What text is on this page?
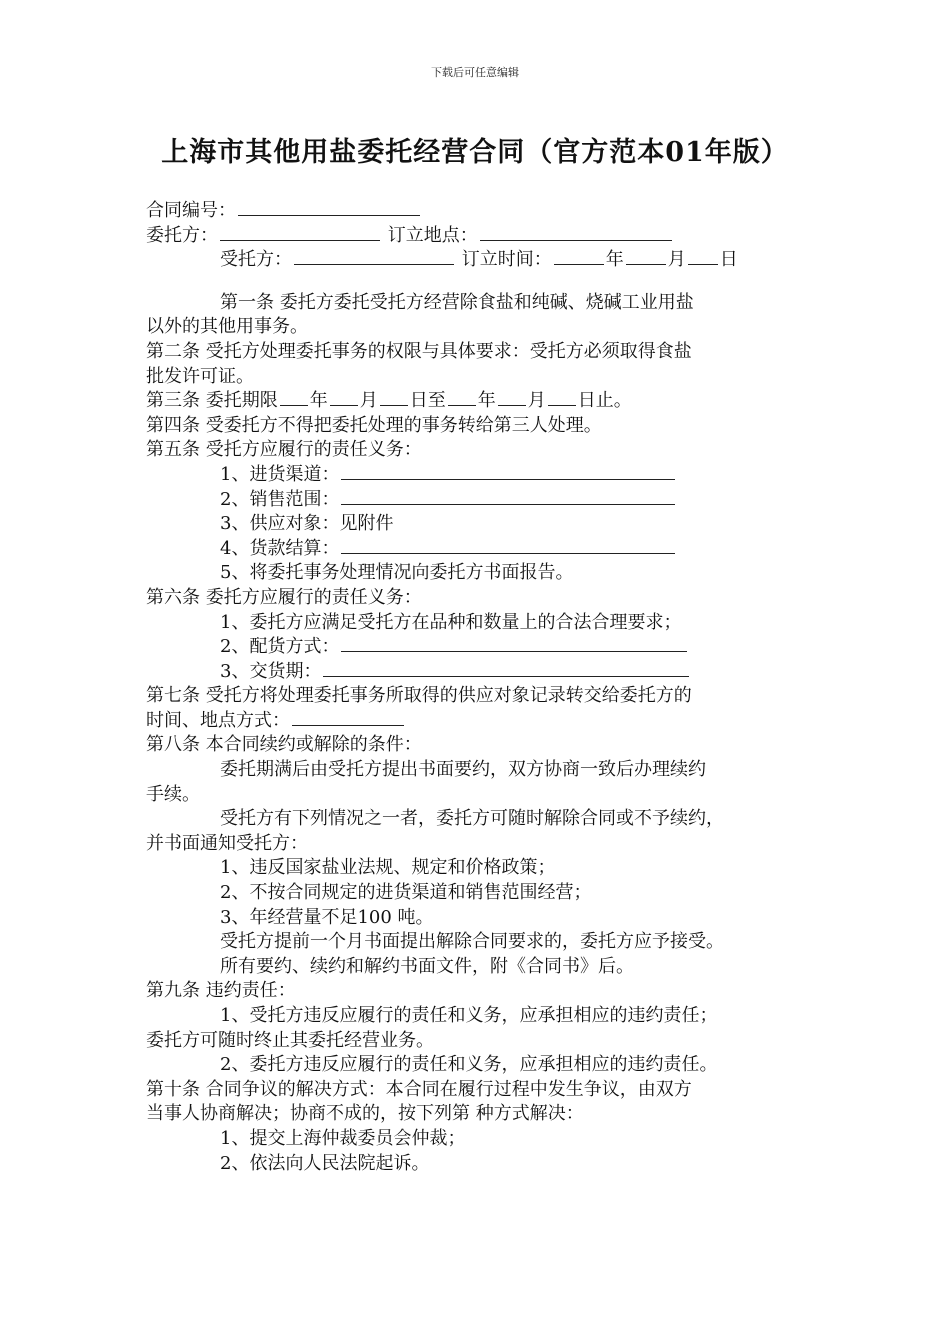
下载后可任意编辑
上海市其他用盐委托经营合同（官方范本01年版）
合同编号：
委托方：	订立地点：
受托方：	订立时间：	年 月 日
第一条 委托方委托受托方经营除食盐和纯碱、烧碱工业用盐
以外的其他用事务。
第二条 受托方处理委托事务的权限与具体要求：受托方必须取得食盐
批发许可证。
第三条 委托期限 年 月 日至 年 月 日止。
第四条 受委托方不得把委托处理的事务转给第三人处理。
第五条 受托方应履行的责任义务：
1、进货渠道：
2、销售范围：
3、供应对象：见附件
4、货款结算：
5、将委托事务处理情况向委托方书面报告。
第六条 委托方应履行的责任义务：
1、委托方应满足受托方在品种和数量上的合法合理要求；
2、配货方式：
3、交货期：
第七条 受托方将处理委托事务所取得的供应对象记录转交给委托方的
时间、地点方式：
第八条 本合同续约或解除的条件：
委托期满后由受托方提出书面要约，双方协商一致后办理续约
手续。
受托方有下列情况之一者，委托方可随时解除合同或不予续约，
并书面通知受托方：
1、违反国家盐业法规、规定和价格政策；
2、不按合同规定的进货渠道和销售范围经营；
3、年经营量不足100 吨。
受托方提前一个月书面提出解除合同要求的，委托方应予接受。
所有要约、续约和解约书面文件，附《合同书》后。
第九条 违约责任：
1、受托方违反应履行的责任和义务，应承担相应的违约责任；
委托方可随时终止其委托经营业务。
2、委托方违反应履行的责任和义务，应承担相应的违约责任。
第十条 合同争议的解决方式：本合同在履行过程中发生争议，由双方
当事人协商解决；协商不成的，按下列第 种方式解决：
1、提交上海仲裁委员会仲裁；
2、依法向人民法院起诉。
